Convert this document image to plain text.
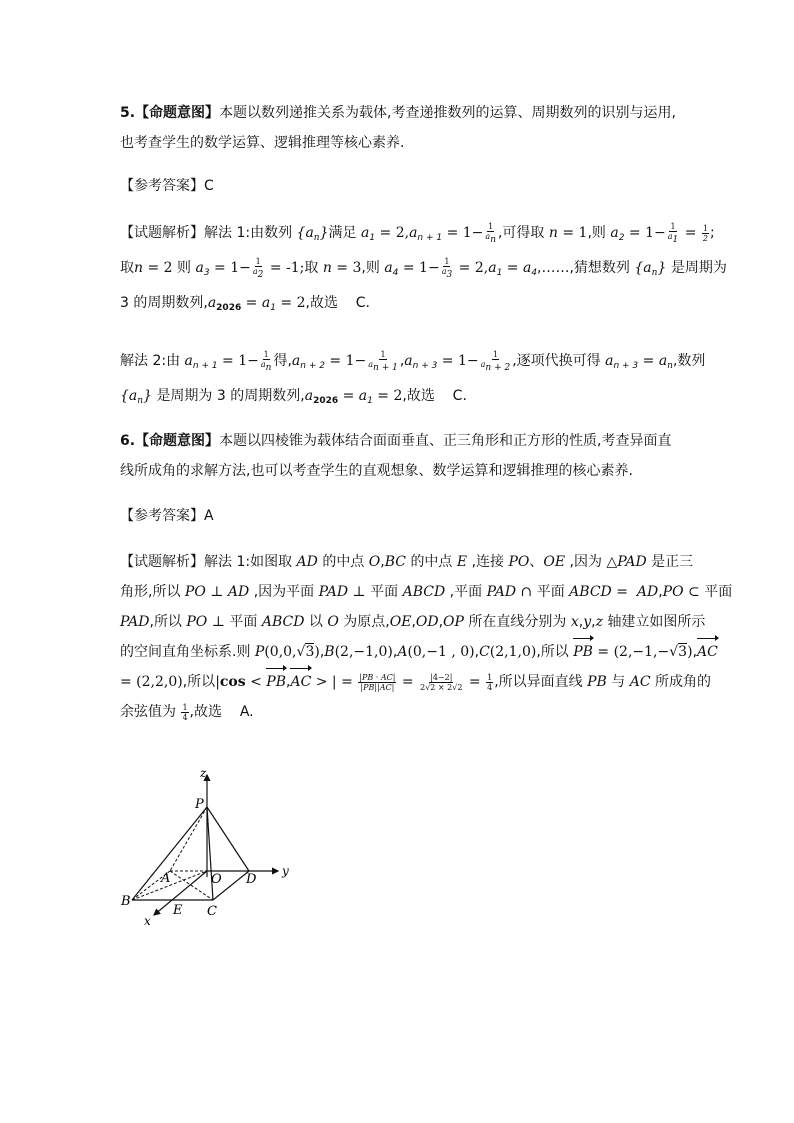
5.【命题意图】本题以数列递推关系为载体,考查递推数列的运算、周期数列的识别与运用,
也考查学生的数学运算、逻辑推理等核心素养.
【参考答案】C
【试题解析】解法 1:由数列 $\{a_n\}$满足 $a_1 = 2,a_{n + 1} = 1- \frac{1}{a_n}$ ,可得取 n = 1,则 $a_2 = 1- \frac{1}{a_1} = \frac{1}{2}$ ;
取n = 2 则 $a_3 = 1- \frac{1}{a_2} = -1$;取 n = 3,则 $a_4 = 1- \frac{1}{a_3} = 2,a_1$ = $a_4,\dots\dots$,猜想数列 $\{a_n\}$ 是周期为
3 的周期数列$,a_{2026} = a_1 = 2$,故选 C.
解法 2:由 $a_{n + 1} = 1- \frac{1}{a_n}$ 得$,a_{n + 2} = 1- \frac{1}{a_{n + 1}} ,a_{n + 3} = 1- \frac{1}{a_{n + 2}}$ ,逐项代换可得 $a_{n + 3} = a_n$,数列
$\{a_n\}$ 是周期为 3 的周期数列$,a_{2026} = a_1 = 2$,故选 C.
6.【命题意图】本题以四棱锥为载体结合面面垂直、正三角形和正方形的性质,考查异面直
线所成角的求解方法,也可以考查学生的直观想象、数学运算和逻辑推理的核心素养.
【参考答案】A
【试题解析】解法 1:如图取 AD 的中点 O,BC 的中点 E ,连接 PO、OE ,因为 △PAD 是正三
角形,所以 PO ⊥ AD ,因为平面 PAD ⊥ 平面 ABCD ,平面 PAD ∩ 平面 ABCD =  AD,PO ⊂ 平面
PAD,所以 PO ⊥ 平面 ABCD 以 O 为原点,OE,OD,OP 所在直线分别为 x,y,z 轴建立如图所示
的空间直角坐标系.则 P(0,0,√3),B(2,−1,0),A(0,−1 , 0),C(2,1,0),所以 PB = (2,−1,−√3),AC
= (2,2,0),所以|cos < PB,AC > | = $\frac{|PB \cdot AC|}{|PB||AC|} = \frac{|4-2|}{2√2 \times 2√2} = \frac{1}{4}$ ,所以异面直线 PB 与 AC 所成角的
余弦值为 $\frac{1}{4}$ ,故选 A.
z
y
x
P
A	O D
B
E C
